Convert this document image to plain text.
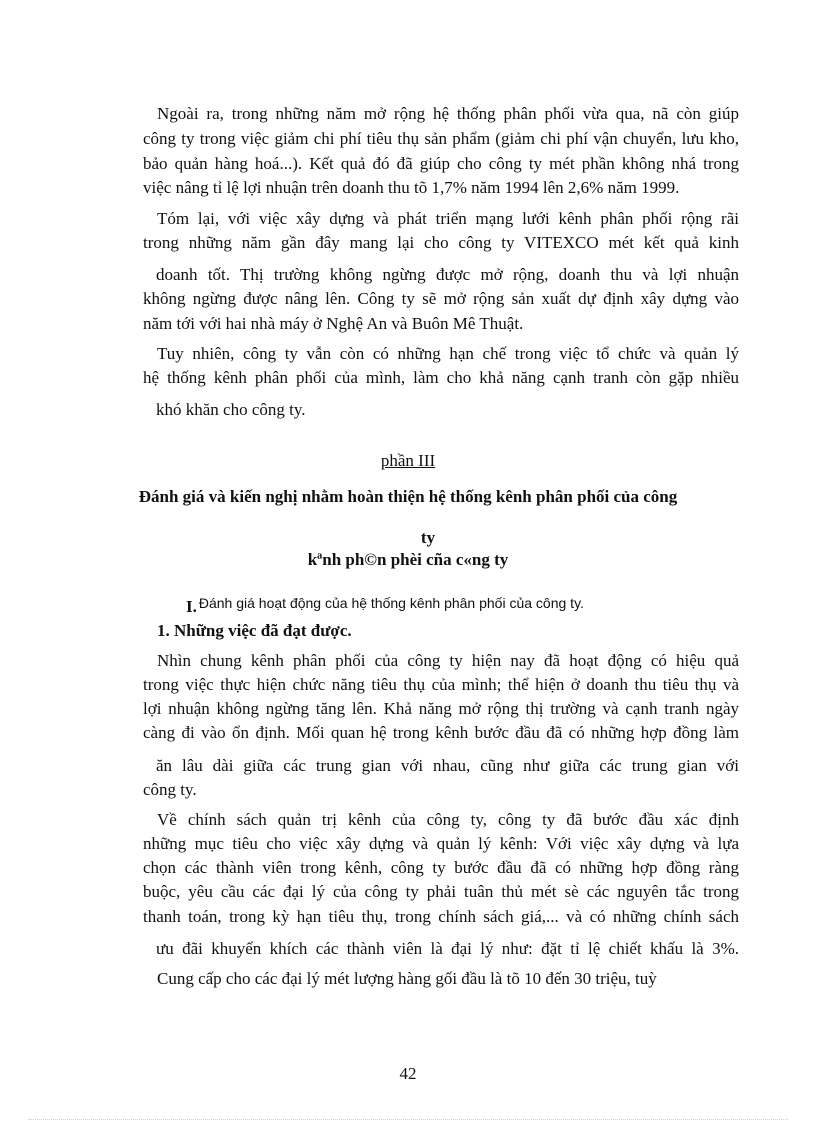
Ngoài ra, trong những năm mở rộng hệ thống phân phối vừa qua, nã còn giúp
công ty trong việc giảm chi phí tiêu thụ sản phẩm (giảm chi phí vận chuyển, lưu kho,
bảo quản hàng hoá...). Kết quả đó đã giúp cho công ty mét phần không nhá trong
việc nâng tỉ lệ lợi nhuận trên doanh thu tõ 1,7% năm 1994 lên 2,6% năm 1999.
Tóm lại, với việc xây dựng và phát triển mạng lưới kênh phân phối rộng rãi
trong những năm gần đây mang lại cho công ty VITEXCO mét kết quả kinh
doanh tốt. Thị trường không ngừng được mở rộng, doanh thu và lợi nhuận
không ngừng được nâng lên. Công ty sẽ mở rộng sản xuất dự định xây dựng vào
năm tới với hai nhà máy ở Nghệ An và Buôn Mê Thuật.
Tuy nhiên, công ty vẫn còn có những hạn chế trong việc tổ chức và quản lý
hệ thống kênh phân phối của mình, làm cho khả năng cạnh tranh còn gặp nhiều
khó khăn cho công ty.
phần III
Đánh giá và kiến nghị nhằm hoàn thiện hệ thống kênh phân phối của công
ty
kªnh ph©n phèi cña c«ng ty
I. $^{Đánh giá hoạt động của hệ thống kênh phân phối của công ty.}$
1. Những việc đã đạt được.
Nhìn chung kênh phân phối của công ty hiện nay đã hoạt động có hiệu quả
trong việc thực hiện chức năng tiêu thụ của mình; thể hiện ở doanh thu tiêu thụ và
lợi nhuận không ngừng tăng lên. Khả năng mở rộng thị trường và cạnh tranh ngày
càng đi vào ổn định. Mối quan hệ trong kênh bước đầu đã có những hợp đồng làm
ăn lâu dài giữa các trung gian với nhau, cũng như giữa các trung gian với
công ty.
Về chính sách quản trị kênh của công ty, công ty đã bước đầu xác định
những mục tiêu cho việc xây dựng và quản lý kênh: Với việc xây dựng và lựa
chọn các thành viên trong kênh, công ty bước đầu đã có những hợp đồng ràng
buộc, yêu cầu các đại lý của công ty phải tuân thủ mét sè các nguyên tắc trong
thanh toán, trong kỳ hạn tiêu thụ, trong chính sách giá,... và có những chính sách
ưu đãi khuyến khích các thành viên là đại lý như: đặt tỉ lệ chiết khấu là 3%.
Cung cấp cho các đại lý mét lượng hàng gối đầu là tõ 10 đến 30 triệu, tuỳ
42
